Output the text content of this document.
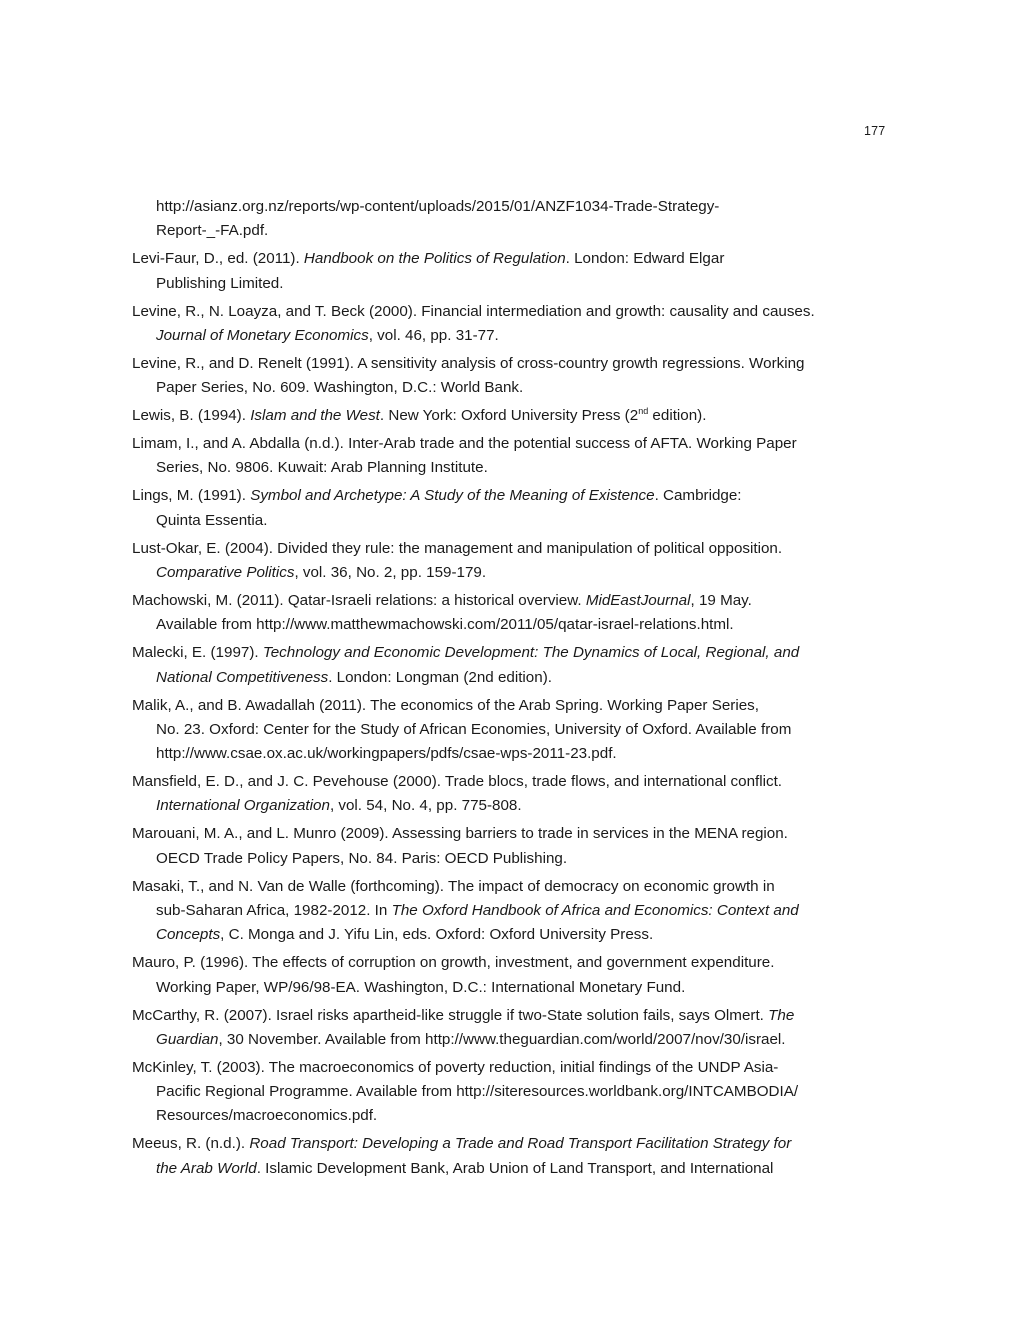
177

http://asianz.org.nz/reports/wp-content/uploads/2015/01/ANZF1034-Trade-Strategy-
Report-_-FA.pdf.

Levi-Faur, D., ed. (2011). Handbook on the Politics of Regulation. London: Edward Elgar
Publishing Limited.

Levine, R., N. Loayza, and T. Beck (2000). Financial intermediation and growth: causality and causes.
Journal of Monetary Economics, vol. 46, pp. 31-77.

Levine, R., and D. Renelt (1991). A sensitivity analysis of cross-country growth regressions. Working
Paper Series, No. 609. Washington, D.C.: World Bank.

Lewis, B. (1994). Islam and the West. New York: Oxford University Press (2nd edition).

Limam, I., and A. Abdalla (n.d.). Inter-Arab trade and the potential success of AFTA. Working Paper
Series, No. 9806. Kuwait: Arab Planning Institute.

Lings, M. (1991). Symbol and Archetype: A Study of the Meaning of Existence. Cambridge:
Quinta Essentia.

Lust-Okar, E. (2004). Divided they rule: the management and manipulation of political opposition.
Comparative Politics, vol. 36, No. 2, pp. 159-179.

Machowski, M. (2011). Qatar-Israeli relations: a historical overview. MidEastJournal, 19 May.
Available from http://www.matthewmachowski.com/2011/05/qatar-israel-relations.html.

Malecki, E. (1997). Technology and Economic Development: The Dynamics of Local, Regional, and
National Competitiveness. London: Longman (2nd edition).

Malik, A., and B. Awadallah (2011). The economics of the Arab Spring. Working Paper Series,
No. 23. Oxford: Center for the Study of African Economies, University of Oxford. Available from
http://www.csae.ox.ac.uk/workingpapers/pdfs/csae-wps-2011-23.pdf.

Mansfield, E. D., and J. C. Pevehouse (2000). Trade blocs, trade flows, and international conflict.
International Organization, vol. 54, No. 4, pp. 775-808.

Marouani, M. A., and L. Munro (2009). Assessing barriers to trade in services in the MENA region.
OECD Trade Policy Papers, No. 84. Paris: OECD Publishing.

Masaki, T., and N. Van de Walle (forthcoming). The impact of democracy on economic growth in
sub-Saharan Africa, 1982-2012. In The Oxford Handbook of Africa and Economics: Context and
Concepts, C. Monga and J. Yifu Lin, eds. Oxford: Oxford University Press.

Mauro, P. (1996). The effects of corruption on growth, investment, and government expenditure.
Working Paper, WP/96/98-EA. Washington, D.C.: International Monetary Fund.

McCarthy, R. (2007). Israel risks apartheid-like struggle if two-State solution fails, says Olmert. The
Guardian, 30 November. Available from http://www.theguardian.com/world/2007/nov/30/israel.

McKinley, T. (2003). The macroeconomics of poverty reduction, initial findings of the UNDP Asia-
Pacific Regional Programme. Available from http://siteresources.worldbank.org/INTCAMBODIA/
Resources/macroeconomics.pdf.

Meeus, R. (n.d.). Road Transport: Developing a Trade and Road Transport Facilitation Strategy for
the Arab World. Islamic Development Bank, Arab Union of Land Transport, and International
